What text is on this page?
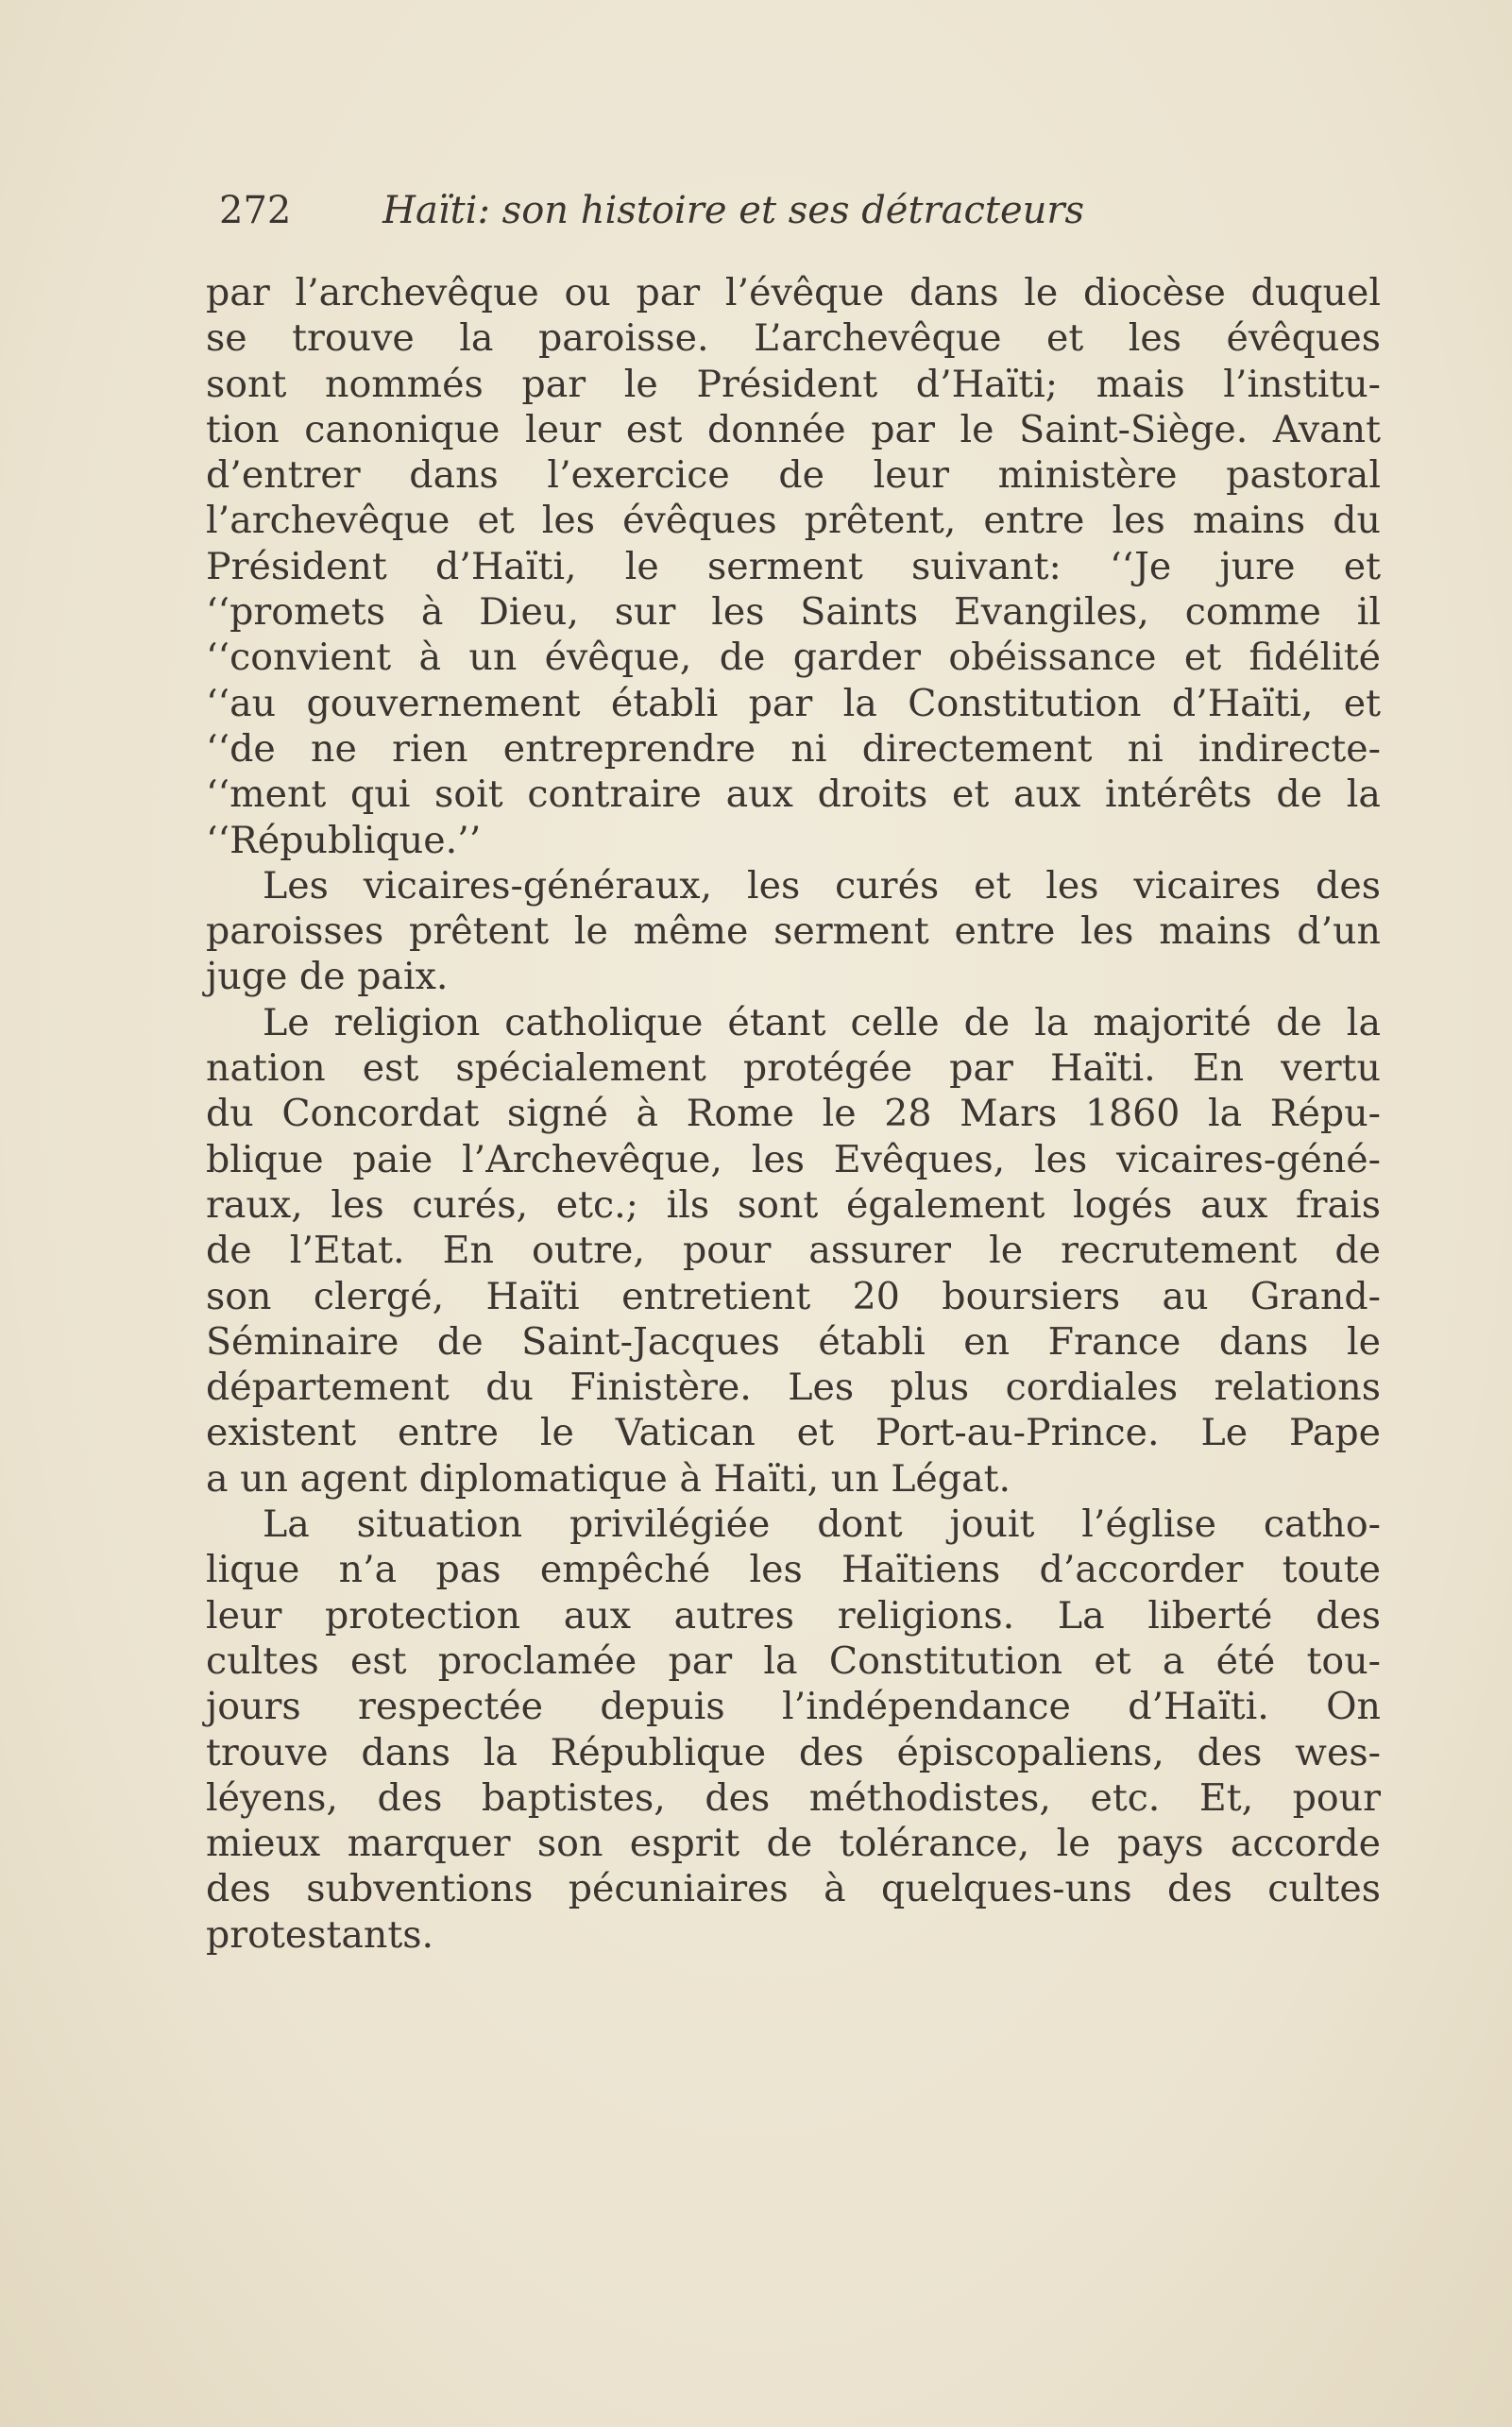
272 Haïti: son histoire et ses détracteurs
par l’archevêque ou par l’évêque dans le diocèse duquel
se trouve la paroisse. L’archevêque et les évêques
sont nommés par le Président d’Haïti; mais l’institu-
tion canonique leur est donnée par le Saint-Siège. Avant
d’entrer dans l’exercice de leur ministère pastoral
l’archevêque et les évêques prêtent, entre les mains du
Président d’Haïti, le serment suivant: ‘‘Je jure et
‘‘promets à Dieu, sur les Saints Evangiles, comme il
‘‘convient à un évêque, de garder obéissance et fidélité
‘‘au gouvernement établi par la Constitution d’Haïti, et
‘‘de ne rien entreprendre ni directement ni indirecte-
‘‘ment qui soit contraire aux droits et aux intérêts de la
‘‘République.’’
Les vicaires-généraux, les curés et les vicaires des
paroisses prêtent le même serment entre les mains d’un
juge de paix.
Le religion catholique étant celle de la majorité de la
nation est spécialement protégée par Haïti. En vertu
du Concordat signé à Rome le 28 Mars 1860 la Répu-
blique paie l’Archevêque, les Evêques, les vicaires-géné-
raux, les curés, etc.; ils sont également logés aux frais
de l’Etat. En outre, pour assurer le recrutement de
son clergé, Haïti entretient 20 boursiers au Grand-
Séminaire de Saint-Jacques établi en France dans le
département du Finistère. Les plus cordiales relations
existent entre le Vatican et Port-au-Prince. Le Pape
a un agent diplomatique à Haïti, un Légat.
La situation privilégiée dont jouit l’église catho-
lique n’a pas empêché les Haïtiens d’accorder toute
leur protection aux autres religions. La liberté des
cultes est proclamée par la Constitution et a été tou-
jours respectée depuis l’indépendance d’Haïti. On
trouve dans la République des épiscopaliens, des wes-
léyens, des baptistes, des méthodistes, etc. Et, pour
mieux marquer son esprit de tolérance, le pays accorde
des subventions pécuniaires à quelques-uns des cultes
protestants.
